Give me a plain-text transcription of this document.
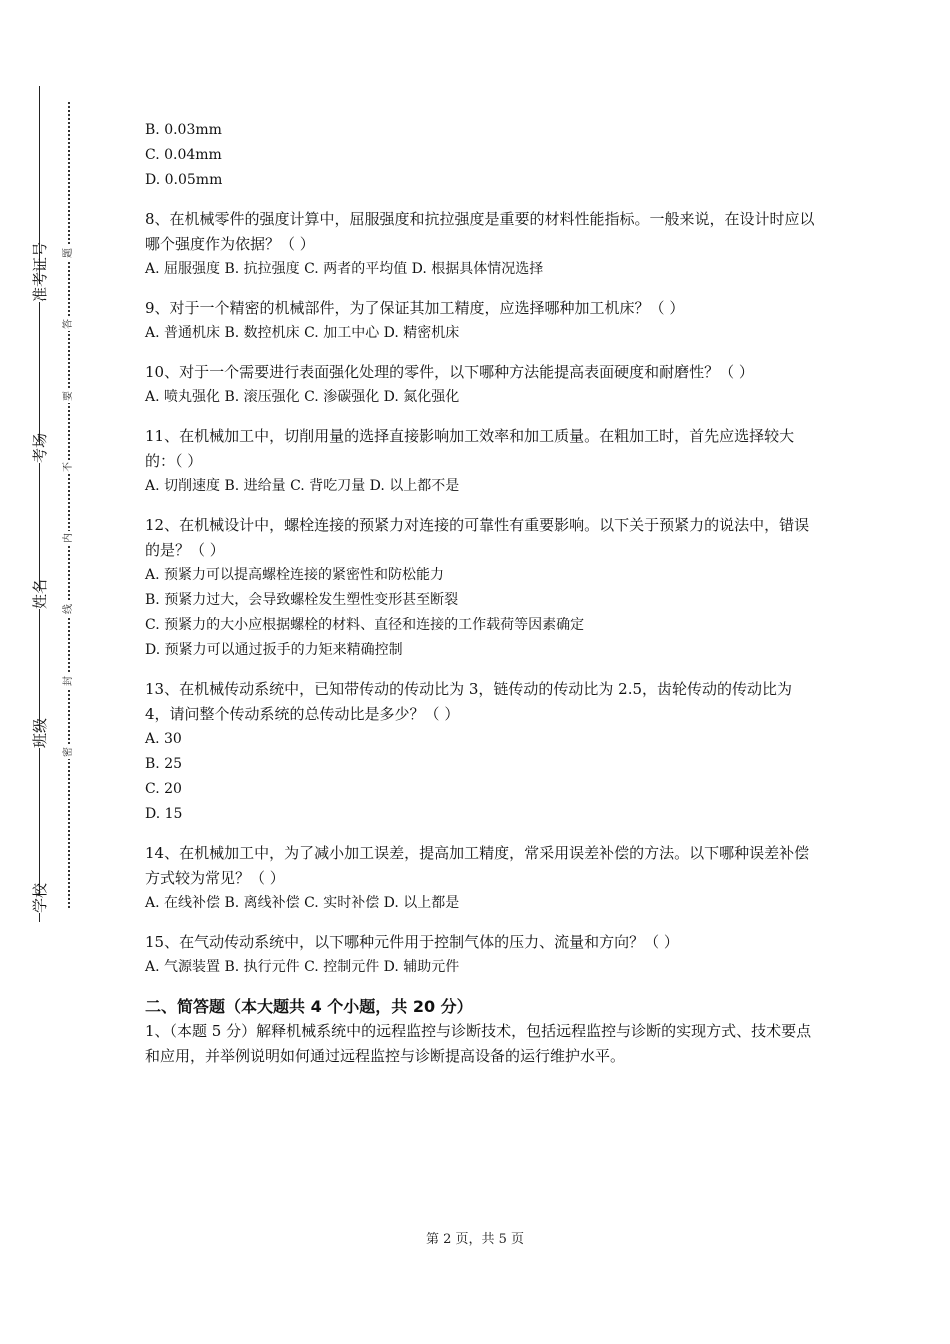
学校
班级
姓名
考场
准考证号
密
封
线
内
不
要
答
题
B. 0.03mm
C. 0.04mm
D. 0.05mm
8、在机械零件的强度计算中，屈服强度和抗拉强度是重要的材料性能指标。一般来说，在设计时应以哪个强度作为依据？（ ）
A. 屈服强度 B. 抗拉强度 C. 两者的平均值 D. 根据具体情况选择
9、对于一个精密的机械部件，为了保证其加工精度，应选择哪种加工机床？（ ）
A. 普通机床 B. 数控机床 C. 加工中心 D. 精密机床
10、对于一个需要进行表面强化处理的零件，以下哪种方法能提高表面硬度和耐磨性？（ ）
A. 喷丸强化 B. 滚压强化 C. 渗碳强化 D. 氮化强化
11、在机械加工中，切削用量的选择直接影响加工效率和加工质量。在粗加工时，首先应选择较大的：（ ）
A. 切削速度 B. 进给量 C. 背吃刀量 D. 以上都不是
12、在机械设计中，螺栓连接的预紧力对连接的可靠性有重要影响。以下关于预紧力的说法中，错误的是？（ ）
A. 预紧力可以提高螺栓连接的紧密性和防松能力
B. 预紧力过大，会导致螺栓发生塑性变形甚至断裂
C. 预紧力的大小应根据螺栓的材料、直径和连接的工作载荷等因素确定
D. 预紧力可以通过扳手的力矩来精确控制
13、在机械传动系统中，已知带传动的传动比为 3，链传动的传动比为 2.5，齿轮传动的传动比为 4，请问整个传动系统的总传动比是多少？（ ）
A. 30
B. 25
C. 20
D. 15
14、在机械加工中，为了减小加工误差，提高加工精度，常采用误差补偿的方法。以下哪种误差补偿方式较为常见？（ ）
A. 在线补偿 B. 离线补偿 C. 实时补偿 D. 以上都是
15、在气动传动系统中，以下哪种元件用于控制气体的压力、流量和方向？（ ）
A. 气源装置 B. 执行元件 C. 控制元件 D. 辅助元件
二、简答题（本大题共 4 个小题，共 20 分）
1、（本题 5 分）解释机械系统中的远程监控与诊断技术，包括远程监控与诊断的实现方式、技术要点和应用，并举例说明如何通过远程监控与诊断提高设备的运行维护水平。
第 2 页，共 5 页
